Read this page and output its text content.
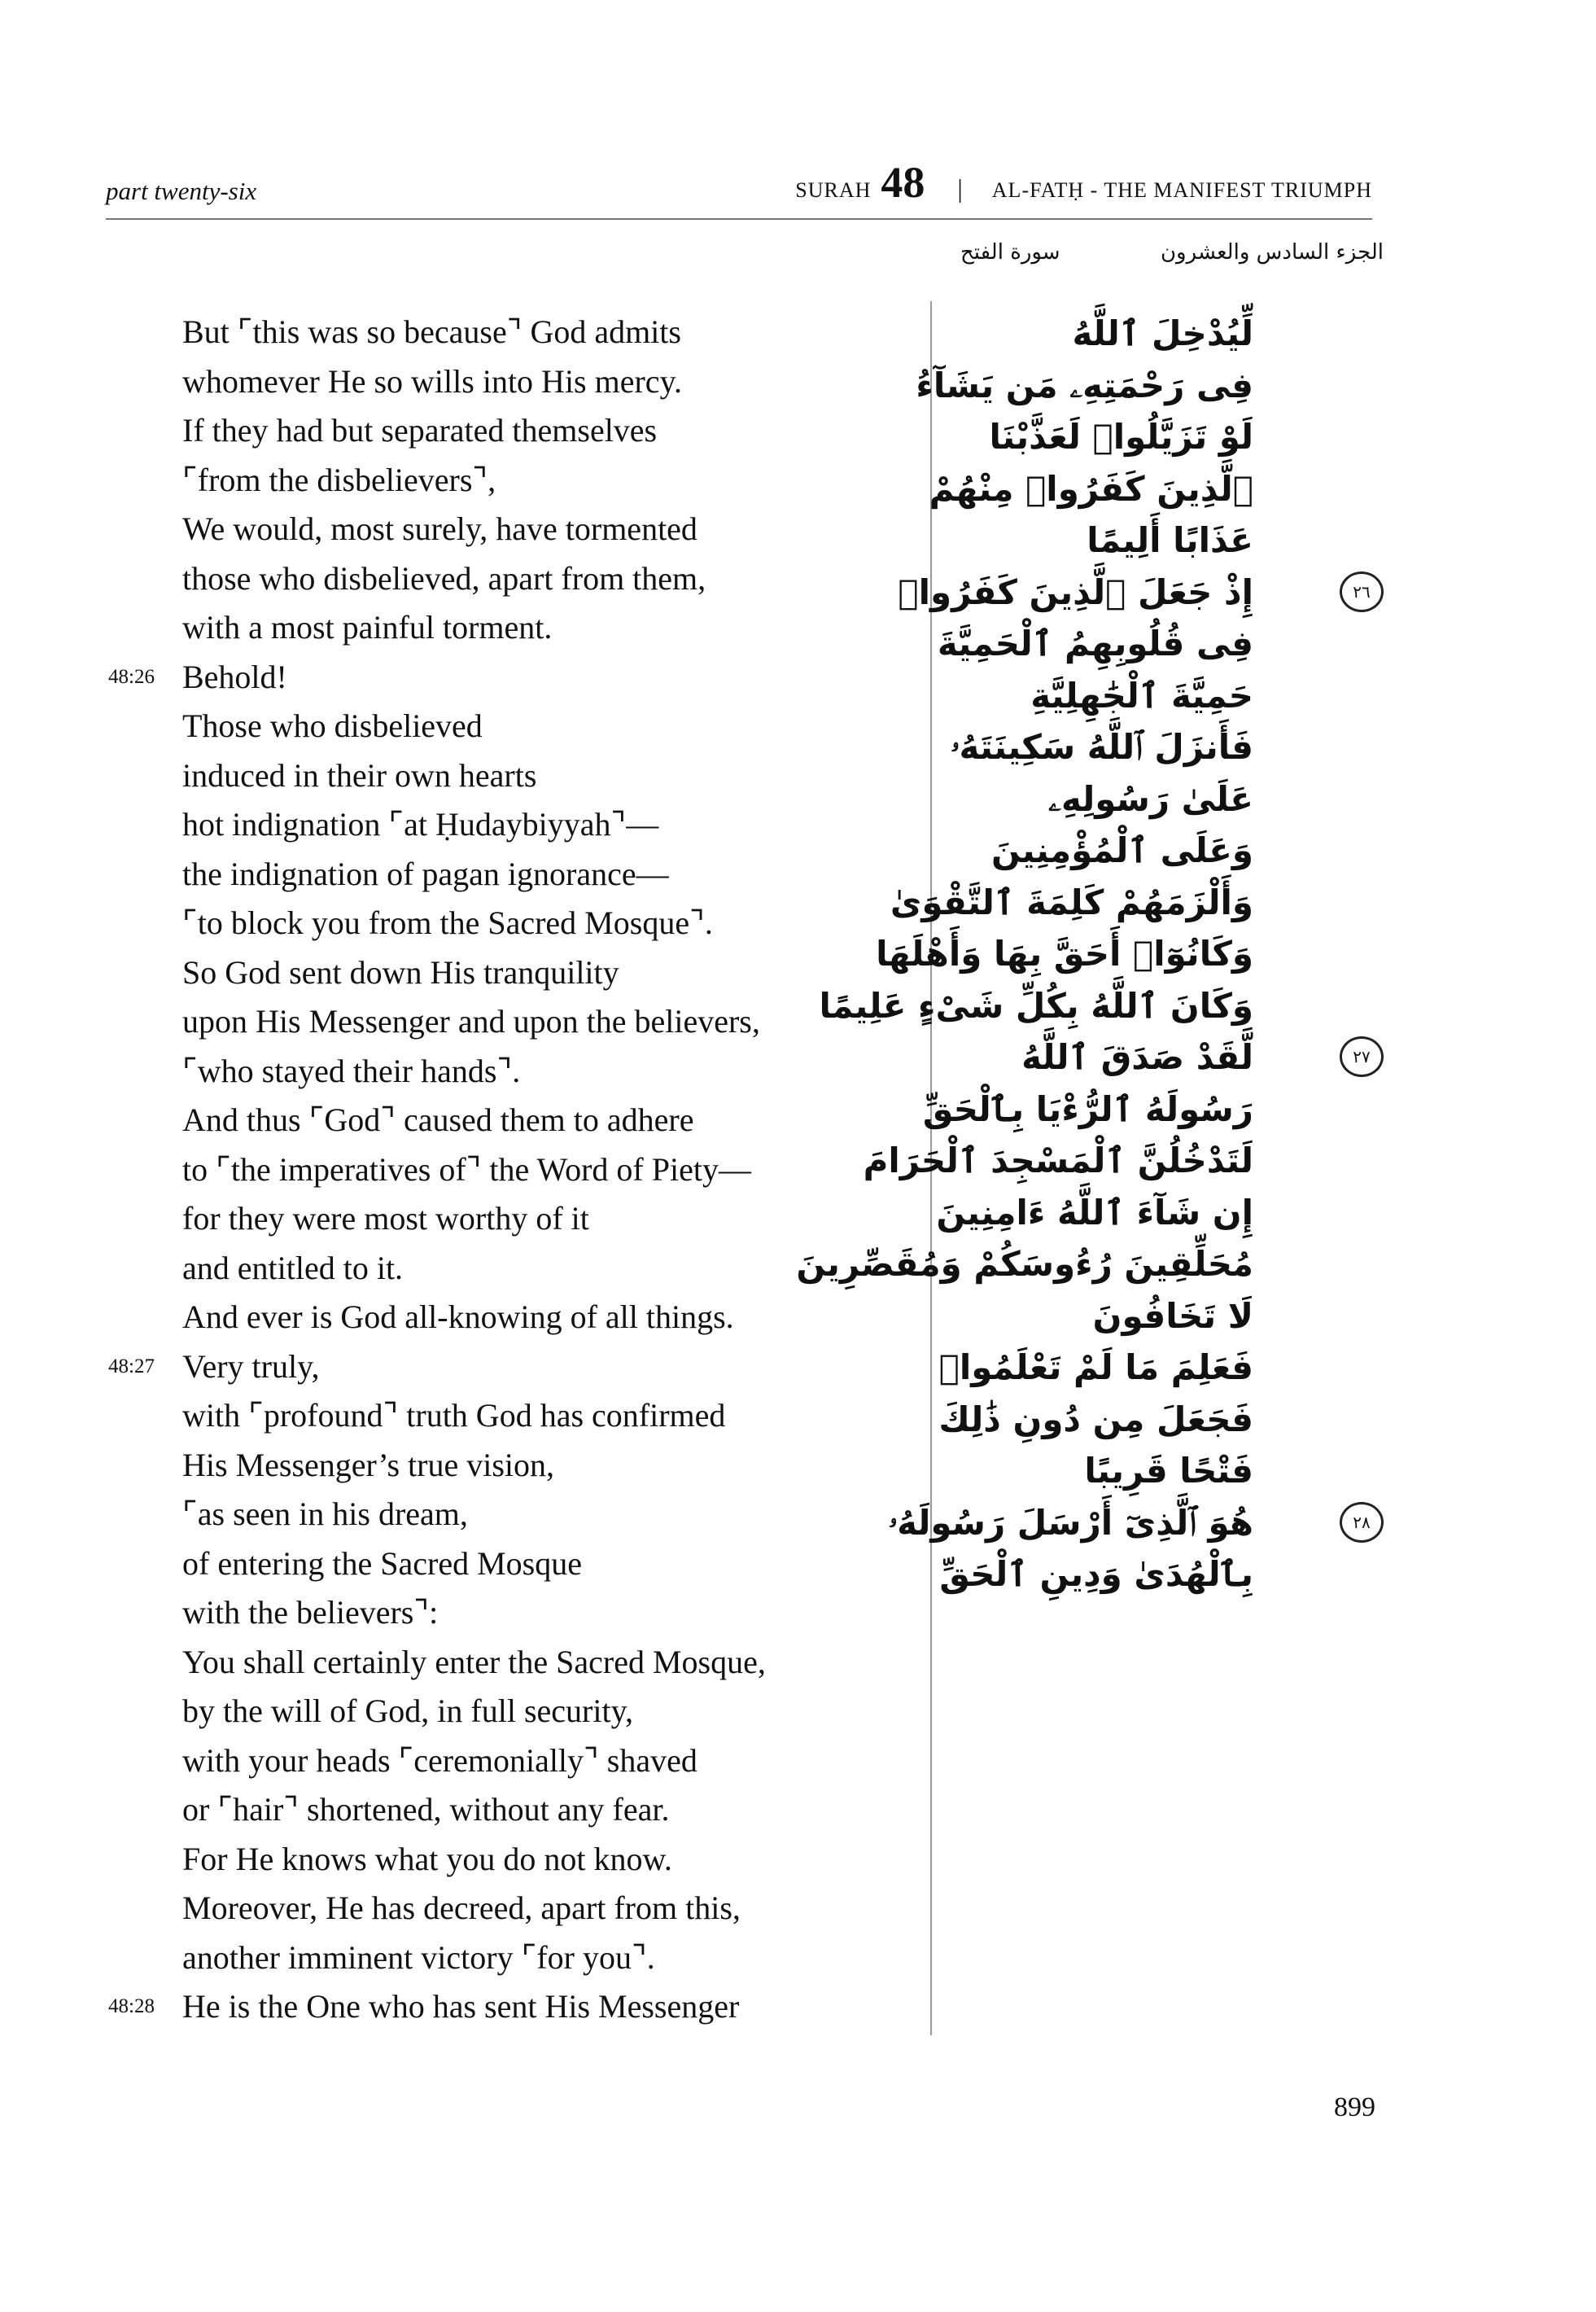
part twenty-six	SURAH 48 | AL-FATḤ - THE MANIFEST TRIUMPH
الجزء السادس والعشرون
سورة الفتح
But ⌜this was so because⌝ God admits
whomever He so wills into His mercy.
If they had but separated themselves
⌜from the disbelievers⌝,
We would, most surely, have tormented
those who disbelieved, apart from them,
with a most painful torment.
48:26 Behold!
Those who disbelieved
induced in their own hearts
hot indignation ⌜at Ḥudaybiyyah⌝—
the indignation of pagan ignorance—
⌜to block you from the Sacred Mosque⌝.
So God sent down His tranquility
upon His Messenger and upon the believers,
⌜who stayed their hands⌝.
And thus ⌜God⌝ caused them to adhere
to ⌜the imperatives of⌝ the Word of Piety—
for they were most worthy of it
and entitled to it.
And ever is God all-knowing of all things.
48:27 Very truly,
with ⌜profound⌝ truth God has confirmed
His Messenger’s true vision,
⌜as seen in his dream,
of entering the Sacred Mosque
with the believers⌝:
You shall certainly enter the Sacred Mosque,
by the will of God, in full security,
with your heads ⌜ceremonially⌝ shaved
or ⌜hair⌝ shortened, without any fear.
For He knows what you do not know.
Moreover, He has decreed, apart from this,
another imminent victory ⌜for you⌝.
48:28 He is the One who has sent His Messenger
لِّيُدْخِلَ ٱللَّهُ
فِى رَحْمَتِهِۦ مَن يَشَآءُ
لَوْ تَزَيَّلُوا۟ لَعَذَّبْنَا
ٱلَّذِينَ كَفَرُوا۟ مِنْهُمْ
عَذَابًا أَلِيمًا
إِذْ جَعَلَ ٱلَّذِينَ كَفَرُوا۟	٢٦
فِى قُلُوبِهِمُ ٱلْحَمِيَّةَ
حَمِيَّةَ ٱلْجَٰهِلِيَّةِ
فَأَنزَلَ ٱللَّهُ سَكِينَتَهُۥ
عَلَىٰ رَسُولِهِۦ
وَعَلَى ٱلْمُؤْمِنِينَ
وَأَلْزَمَهُمْ كَلِمَةَ ٱلتَّقْوَىٰ
وَكَانُوٓا۟ أَحَقَّ بِهَا وَأَهْلَهَا
وَكَانَ ٱللَّهُ بِكُلِّ شَىْءٍ عَلِيمًا
لَّقَدْ صَدَقَ ٱللَّهُ	٢٧
رَسُولَهُ ٱلرُّءْيَا بِٱلْحَقِّ
لَتَدْخُلُنَّ ٱلْمَسْجِدَ ٱلْحَرَامَ
إِن شَآءَ ٱللَّهُ ءَامِنِينَ
مُحَلِّقِينَ رُءُوسَكُمْ وَمُقَصِّرِينَ
لَا تَخَافُونَ
فَعَلِمَ مَا لَمْ تَعْلَمُوا۟
فَجَعَلَ مِن دُونِ ذَٰلِكَ
فَتْحًا قَرِيبًا
هُوَ ٱلَّذِىٓ أَرْسَلَ رَسُولَهُۥ	٢٨
بِٱلْهُدَىٰ وَدِينِ ٱلْحَقِّ
899
